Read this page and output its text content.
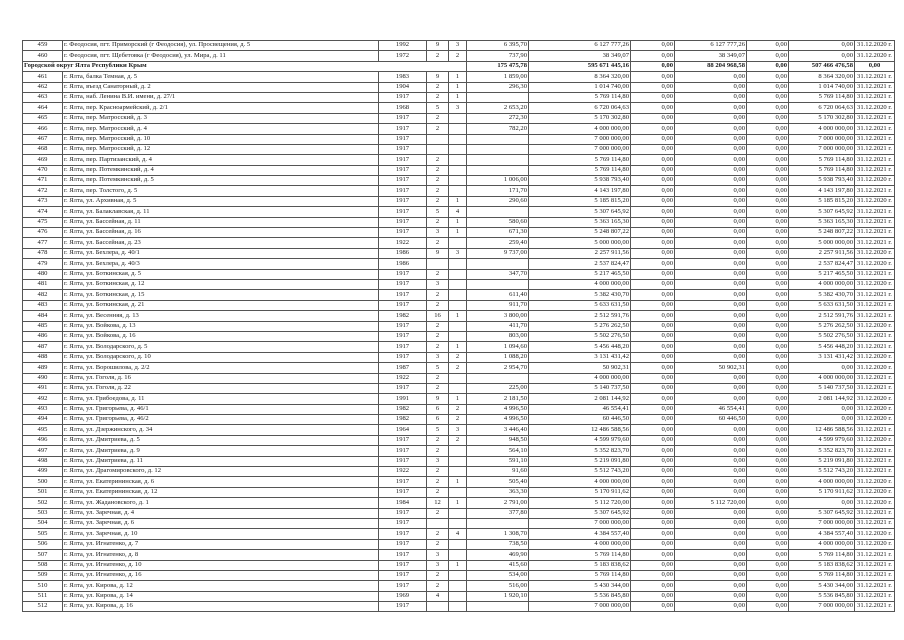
459	г. Феодосия, пгт. Приморский (г Феодосия), ул. Просвещения, д. 5	1992	9	3	6 395,70	6 127 777,26	0,00	6 127 777,26	0,00	0,00	31.12.2020 г.
460	г. Феодосия, пгт. Щебетовка (г Феодосия), ул. Мира, д. 11	1972	2	2	737,90	38 349,07	0,00	38 349,07	0,00	0,00	31.12.2020 г.
Городской округ Ялта Республики Крым					175 475,78	595 671 445,16	0,00	88 204 968,58	0,00	507 466 476,58	0,00
461	г. Ялта, балка Темная, д. 5	1983	9	1	1 859,00	8 364 320,00	0,00	0,00	0,00	8 364 320,00	31.12.2021 г.
462	г. Ялта, въезд Санаторный, д. 2	1904	2	1	296,30	1 014 740,00	0,00	0,00	0,00	1 014 740,00	31.12.2021 г.
463	г. Ялта, наб. Ленина В.И. имени, д. 27/1	1917	2	1		5 769 114,80	0,00	0,00	0,00	5 769 114,80	31.12.2021 г.
464	г. Ялта, пер. Красноармейский, д. 2/1	1968	5	3	2 653,20	6 720 064,63	0,00	0,00	0,00	6 720 064,63	31.12.2020 г.
465	г. Ялта, пер. Матросский, д. 3	1917	2		272,30	5 170 302,80	0,00	0,00	0,00	5 170 302,80	31.12.2021 г.
466	г. Ялта, пер. Матросский, д. 4	1917	2		782,20	4 000 000,00	0,00	0,00	0,00	4 000 000,00	31.12.2021 г.
467	г. Ялта, пер. Матросский, д. 10	1917				7 000 000,00	0,00	0,00	0,00	7 000 000,00	31.12.2021 г.
468	г. Ялта, пер. Матросский, д. 12	1917				7 000 000,00	0,00	0,00	0,00	7 000 000,00	31.12.2021 г.
469	г. Ялта, пер. Партизанский, д. 4	1917	2			5 769 114,80	0,00	0,00	0,00	5 769 114,80	31.12.2021 г.
470	г. Ялта, пер. Потемкинский, д. 4	1917	2			5 769 114,80	0,00	0,00	0,00	5 769 114,80	31.12.2021 г.
471	г. Ялта, пер. Потемкинский, д. 5	1917	2		1 006,00	5 938 793,40	0,00	0,00	0,00	5 938 793,40	31.12.2020 г.
472	г. Ялта, пер. Толстого, д. 5	1917	2		171,70	4 143 197,80	0,00	0,00	0,00	4 143 197,80	31.12.2021 г.
473	г. Ялта, ул. Архивная, д. 5	1917	2	1	290,60	5 185 815,20	0,00	0,00	0,00	5 185 815,20	31.12.2020 г.
474	г. Ялта, ул. Балаклавская, д. 11	1917	5	4		5 307 645,92	0,00	0,00	0,00	5 307 645,92	31.12.2021 г.
475	г. Ялта, ул. Бассейная, д. 11	1917	2	1	580,60	5 363 165,30	0,00	0,00	0,00	5 363 165,30	31.12.2021 г.
476	г. Ялта, ул. Бассейная, д. 16	1917	3	1	671,30	5 248 807,22	0,00	0,00	0,00	5 248 807,22	31.12.2021 г.
477	г. Ялта, ул. Бассейная, д. 23	1922	2		259,40	5 000 000,00	0,00	0,00	0,00	5 000 000,00	31.12.2021 г.
478	г. Ялта, ул. Бехлера, д. 40/1	1986	9	3	9 737,00	2 257 911,56	0,00	0,00	0,00	2 257 911,56	31.12.2020 г.
479	г. Ялта, ул. Бехлера, д. 40/3	1986				2 537 824,47	0,00	0,00	0,00	2 537 824,47	31.12.2020 г.
480	г. Ялта, ул. Боткинская, д. 5	1917	2		347,70	5 217 465,50	0,00	0,00	0,00	5 217 465,50	31.12.2021 г.
481	г. Ялта, ул. Боткинская, д. 12	1917	3			4 000 000,00	0,00	0,00	0,00	4 000 000,00	31.12.2020 г.
482	г. Ялта, ул. Боткинская, д. 15	1917	2		611,40	5 382 430,70	0,00	0,00	0,00	5 382 430,70	31.12.2021 г.
483	г. Ялта, ул. Боткинская, д. 21	1917	2		911,70	5 633 631,50	0,00	0,00	0,00	5 633 631,50	31.12.2021 г.
484	г. Ялта, ул. Весенняя, д. 13	1982	16	1	3 800,00	2 512 591,76	0,00	0,00	0,00	2 512 591,76	31.12.2021 г.
485	г. Ялта, ул. Войкова, д. 13	1917	2		411,70	5 276 262,50	0,00	0,00	0,00	5 276 262,50	31.12.2020 г.
486	г. Ялта, ул. Войкова, д. 16	1917	2		803,00	5 502 276,50	0,00	0,00	0,00	5 502 276,50	31.12.2021 г.
487	г. Ялта, ул. Володарского, д. 5	1917	2	1	1 094,60	5 456 448,20	0,00	0,00	0,00	5 456 448,20	31.12.2021 г.
488	г. Ялта, ул. Володарского, д. 10	1917	3	2	1 088,20	3 131 431,42	0,00	0,00	0,00	3 131 431,42	31.12.2020 г.
489	г. Ялта, ул. Ворошилова, д. 2/2	1987	5	2	2 954,70	50 902,31	0,00	50 902,31	0,00	0,00	31.12.2020 г.
490	г. Ялта, ул. Гоголя, д. 16	1922	2			4 000 000,00	0,00	0,00	0,00	4 000 000,00	31.12.2021 г.
491	г. Ялта, ул. Гоголя, д. 22	1917	2		225,00	5 140 737,50	0,00	0,00	0,00	5 140 737,50	31.12.2021 г.
492	г. Ялта, ул. Грибоедова, д. 11	1991	9	1	2 181,50	2 081 144,92	0,00	0,00	0,00	2 081 144,92	31.12.2020 г.
493	г. Ялта, ул. Григорьева, д. 46/1	1982	6	2	4 996,50	46 554,41	0,00	46 554,41	0,00	0,00	31.12.2020 г.
494	г. Ялта, ул. Григорьева, д. 46/2	1982	6	2	4 996,50	60 446,50	0,00	60 446,50	0,00	0,00	31.12.2020 г.
495	г. Ялта, ул. Дзержинского, д. 34	1964	5	3	3 446,40	12 486 588,56	0,00	0,00	0,00	12 486 588,56	31.12.2021 г.
496	г. Ялта, ул. Дмитриева, д. 5	1917	2	2	948,50	4 599 979,60	0,00	0,00	0,00	4 599 979,60	31.12.2020 г.
497	г. Ялта, ул. Дмитриева, д. 9	1917	2		564,10	5 352 823,70	0,00	0,00	0,00	5 352 823,70	31.12.2021 г.
498	г. Ялта, ул. Дмитриева, д. 11	1917	3		591,10	5 219 091,80	0,00	0,00	0,00	5 219 091,80	31.12.2021 г.
499	г. Ялта, ул. Драгомировского, д. 12	1922	2		91,60	5 512 743,20	0,00	0,00	0,00	5 512 743,20	31.12.2021 г.
500	г. Ялта, ул. Екатерининская, д. 6	1917	2	1	505,40	4 000 000,00	0,00	0,00	0,00	4 000 000,00	31.12.2020 г.
501	г. Ялта, ул. Екатерининская, д. 12	1917	2		363,30	5 170 911,62	0,00	0,00	0,00	5 170 911,62	31.12.2020 г.
502	г. Ялта, ул. Жадановского, д. 1	1984	12	1	2 791,00	5 112 720,00	0,00	5 112 720,00	0,00	0,00	31.12.2020 г.
503	г. Ялта, ул. Заречная, д. 4	1917	2		377,80	5 307 645,92	0,00	0,00	0,00	5 307 645,92	31.12.2021 г.
504	г. Ялта, ул. Заречная, д. 6	1917				7 000 000,00	0,00	0,00	0,00	7 000 000,00	31.12.2021 г.
505	г. Ялта, ул. Заречная, д. 10	1917	2	4	1 308,70	4 384 557,40	0,00	0,00	0,00	4 384 557,40	31.12.2020 г.
506	г. Ялта, ул. Игнатенко, д. 7	1917	2		738,50	4 000 000,00	0,00	0,00	0,00	4 000 000,00	31.12.2020 г.
507	г. Ялта, ул. Игнатенко, д. 8	1917	3		469,90	5 769 114,80	0,00	0,00	0,00	5 769 114,80	31.12.2021 г.
508	г. Ялта, ул. Игнатенко, д. 10	1917	3	1	415,60	5 183 838,62	0,00	0,00	0,00	5 183 838,62	31.12.2021 г.
509	г. Ялта, ул. Игнатенко, д. 16	1917	2		534,00	5 769 114,80	0,00	0,00	0,00	5 769 114,80	31.12.2021 г.
510	г. Ялта, ул. Кирова, д. 12	1917	2		516,00	5 430 344,00	0,00	0,00	0,00	5 430 344,00	31.12.2021 г.
511	г. Ялта, ул. Кирова, д. 14	1969	4		1 920,10	5 536 845,80	0,00	0,00	0,00	5 536 845,80	31.12.2021 г.
512	г. Ялта, ул. Кирова, д. 16	1917				7 000 000,00	0,00	0,00	0,00	7 000 000,00	31.12.2021 г.
